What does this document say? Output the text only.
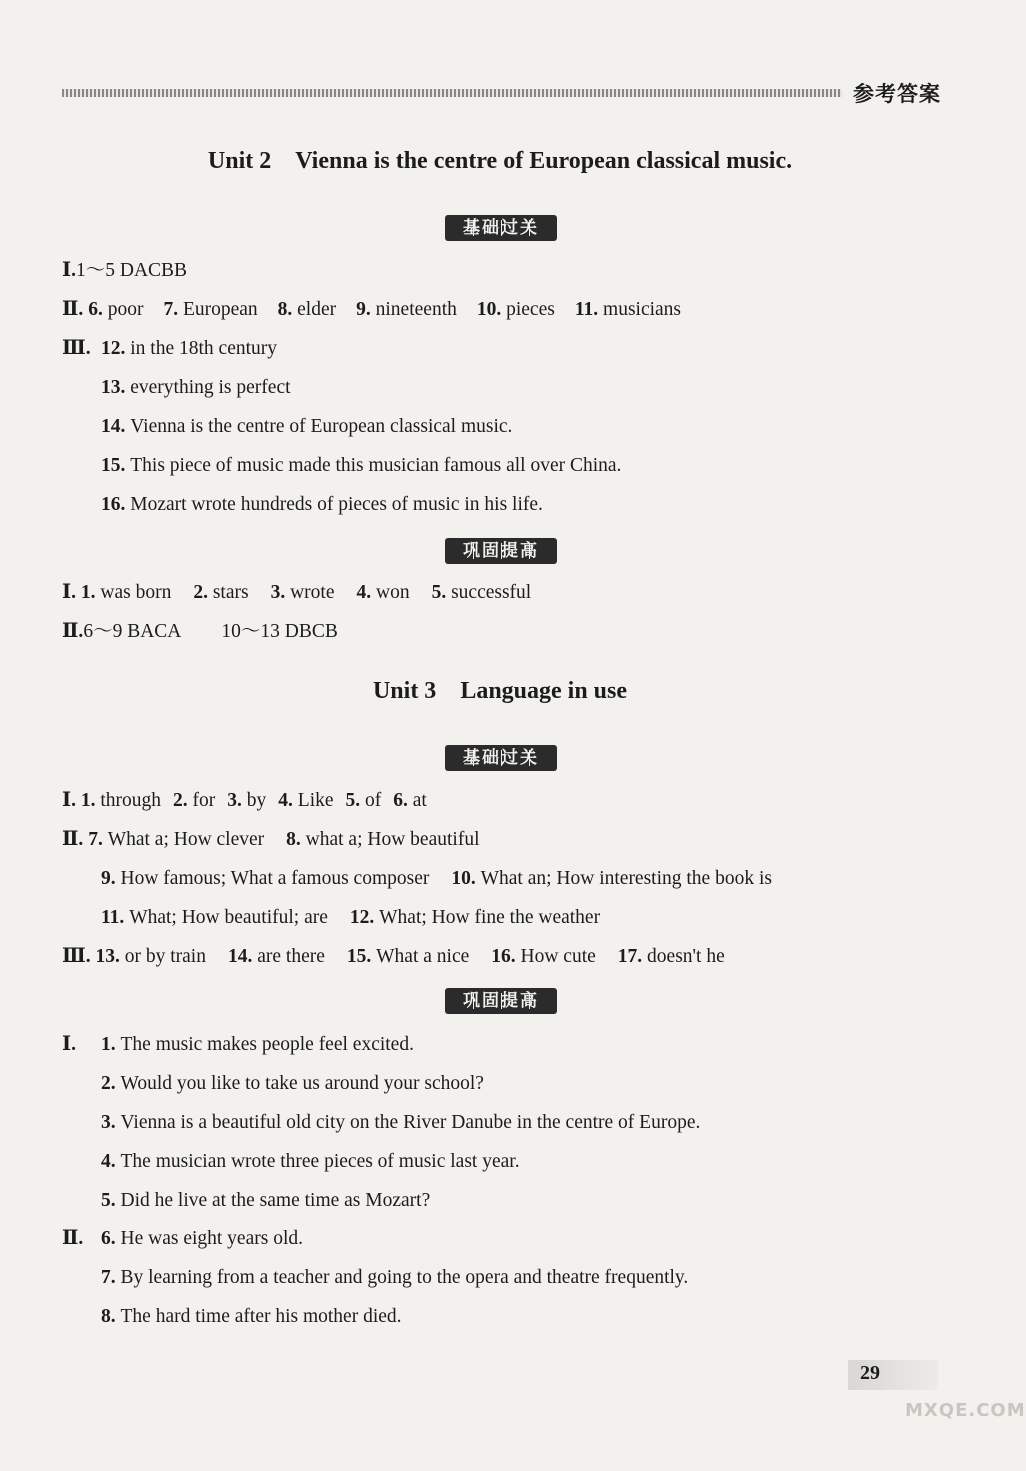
参考答案
Unit 2 Vienna is the centre of European classical music.
基础过关
Ⅰ.1～5 DACBB
Ⅱ. 6. poor 7. European 8. elder 9. nineteenth 10. pieces 11. musicians
Ⅲ. 12. in the 18th century
13. everything is perfect
14. Vienna is the centre of European classical music.
15. This piece of music made this musician famous all over China.
16. Mozart wrote hundreds of pieces of music in his life.
巩固提高
Ⅰ. 1. was born 2. stars 3. wrote 4. won 5. successful
Ⅱ.6～9 BACA 10～13 DBCB
Unit 3 Language in use
基础过关
Ⅰ. 1. through 2. for 3. by 4. Like 5. of 6. at
Ⅱ. 7. What a; How clever 8. what a; How beautiful
9. How famous; What a famous composer 10. What an; How interesting the book is
11. What; How beautiful; are 12. What; How fine the weather
Ⅲ. 13. or by train 14. are there 15. What a nice 16. How cute 17. doesn't he
巩固提高
Ⅰ. 1. The music makes people feel excited.
2. Would you like to take us around your school?
3. Vienna is a beautiful old city on the River Danube in the centre of Europe.
4. The musician wrote three pieces of music last year.
5. Did he live at the same time as Mozart?
Ⅱ. 6. He was eight years old.
7. By learning from a teacher and going to the opera and theatre frequently.
8. The hard time after his mother died.
29
MXQE.COM
